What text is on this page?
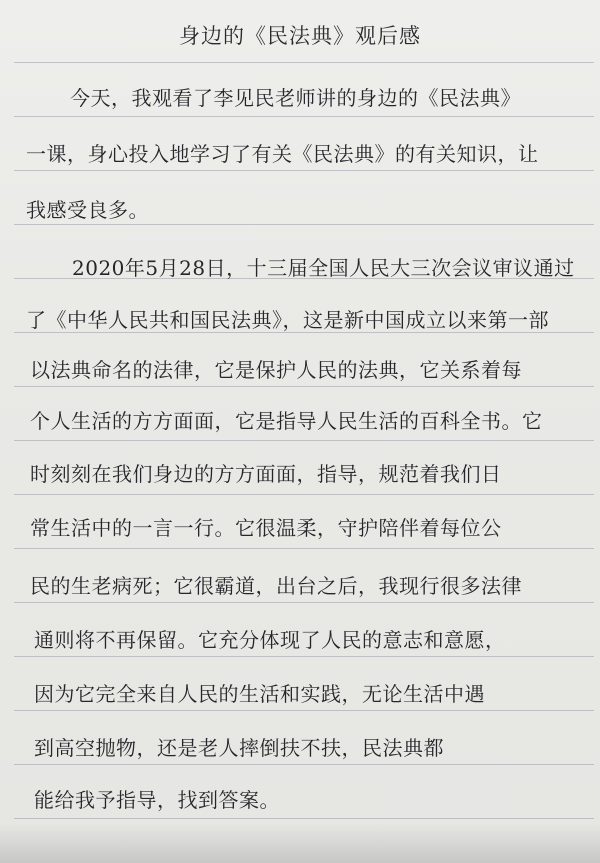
身边的《民法典》观后感
今天，我观看了李见民老师讲的身边的《民法典》
一课，身心投入地学习了有关《民法典》的有关知识，让
我感受良多。
2020年5月28日，十三届全国人民大三次会议审议通过
了《中华人民共和国民法典》，这是新中国成立以来第一部
以法典命名的法律，它是保护人民的法典，它关系着每
个人生活的方方面面，它是指导人民生活的百科全书。它
时刻刻在我们身边的方方面面，指导，规范着我们日
常生活中的一言一行。它很温柔，守护陪伴着每位公
民的生老病死；它很霸道，出台之后，我现行很多法律
通则将不再保留。它充分体现了人民的意志和意愿，
因为它完全来自人民的生活和实践，无论生活中遇
到高空抛物，还是老人摔倒扶不扶，民法典都
能给我予指导，找到答案。
